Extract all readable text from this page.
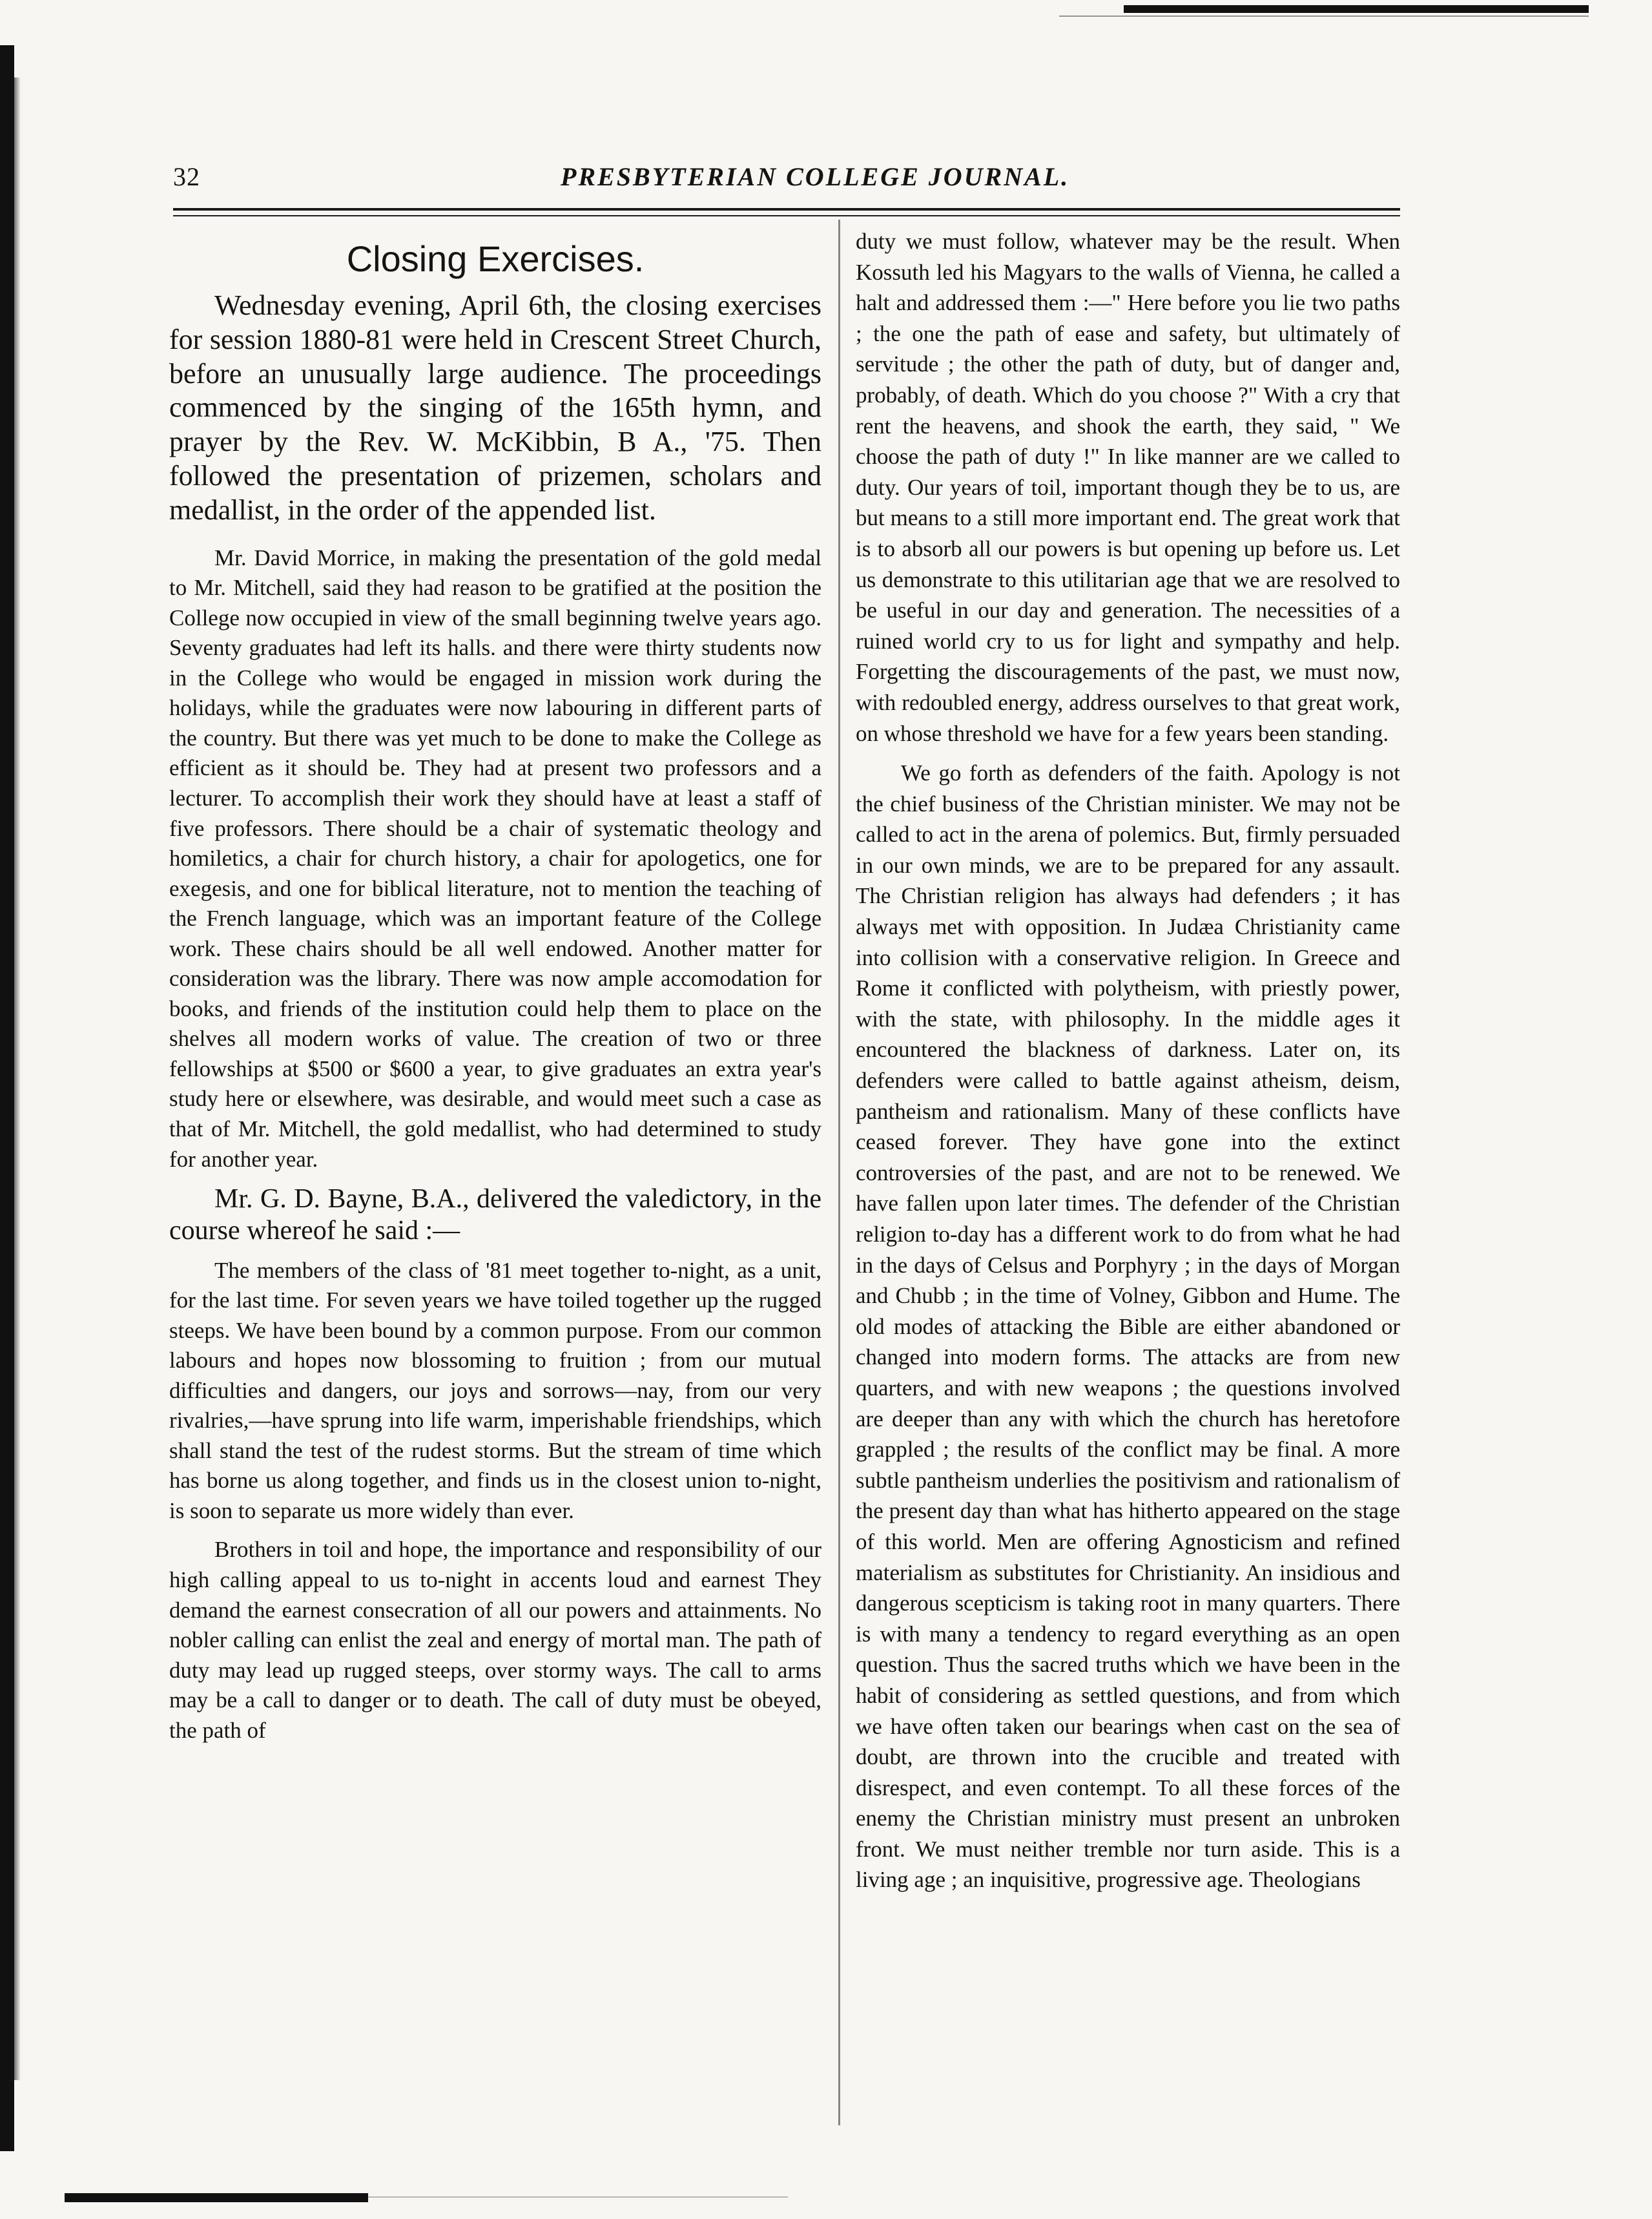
32	PRESBYTERIAN COLLEGE JOURNAL.
Closing Exercises.

Wednesday evening, April 6th, the closing exercises for session 1880-81 were held in Crescent Street Church, before an unusually large audience. The proceedings commenced by the singing of the 165th hymn, and prayer by the Rev. W. McKibbin, B A., '75. Then followed the presentation of prizemen, scholars and medallist, in the order of the appended list.

Mr. David Morrice, in making the presentation of the gold medal to Mr. Mitchell, said they had reason to be gratified at the position the College now occupied in view of the small beginning twelve years ago. Seventy graduates had left its halls. and there were thirty students now in the College who would be engaged in mission work during the holidays, while the graduates were now labouring in different parts of the country. But there was yet much to be done to make the College as efficient as it should be. They had at present two professors and a lecturer. To accomplish their work they should have at least a staff of five professors. There should be a chair of systematic theology and homiletics, a chair for church history, a chair for apologetics, one for exegesis, and one for biblical literature, not to mention the teaching of the French language, which was an important feature of the College work. These chairs should be all well endowed. Another matter for consideration was the library. There was now ample accomodation for books, and friends of the institution could help them to place on the shelves all modern works of value. The creation of two or three fellowships at $500 or $600 a year, to give graduates an extra year's study here or elsewhere, was desirable, and would meet such a case as that of Mr. Mitchell, the gold medallist, who had determined to study for another year.

Mr. G. D. Bayne, B.A., delivered the valedictory, in the course whereof he said :—

The members of the class of '81 meet together to-night, as a unit, for the last time. For seven years we have toiled together up the rugged steeps. We have been bound by a common purpose. From our common labours and hopes now blossoming to fruition ; from our mutual difficulties and dangers, our joys and sorrows—nay, from our very rivalries,—have sprung into life warm, imperishable friendships, which shall stand the test of the rudest storms. But the stream of time which has borne us along together, and finds us in the closest union to-night, is soon to separate us more widely than ever.

Brothers in toil and hope, the importance and responsibility of our high calling appeal to us to-night in accents loud and earnest They demand the earnest consecration of all our powers and attainments. No nobler calling can enlist the zeal and energy of mortal man. The path of duty may lead up rugged steeps, over stormy ways. The call to arms may be a call to danger or to death. The call of duty must be obeyed, the path of

duty we must follow, whatever may be the result. When Kossuth led his Magyars to the walls of Vienna, he called a halt and addressed them :—" Here before you lie two paths ; the one the path of ease and safety, but ultimately of servitude ; the other the path of duty, but of danger and, probably, of death. Which do you choose ?" With a cry that rent the heavens, and shook the earth, they said, " We choose the path of duty !" In like manner are we called to duty. Our years of toil, important though they be to us, are but means to a still more important end. The great work that is to absorb all our powers is but opening up before us. Let us demonstrate to this utilitarian age that we are resolved to be useful in our day and generation. The necessities of a ruined world cry to us for light and sympathy and help. Forgetting the discouragements of the past, we must now, with redoubled energy, address ourselves to that great work, on whose threshold we have for a few years been standing.

We go forth as defenders of the faith. Apology is not the chief business of the Christian minister. We may not be called to act in the arena of polemics. But, firmly persuaded in our own minds, we are to be prepared for any assault. The Christian religion has always had defenders ; it has always met with opposition. In Judæa Christianity came into collision with a conservative religion. In Greece and Rome it conflicted with polytheism, with priestly power, with the state, with philosophy. In the middle ages it encountered the blackness of darkness. Later on, its defenders were called to battle against atheism, deism, pantheism and rationalism. Many of these conflicts have ceased forever. They have gone into the extinct controversies of the past, and are not to be renewed. We have fallen upon later times. The defender of the Christian religion to-day has a different work to do from what he had in the days of Celsus and Porphyry ; in the days of Morgan and Chubb ; in the time of Volney, Gibbon and Hume. The old modes of attacking the Bible are either abandoned or changed into modern forms. The attacks are from new quarters, and with new weapons ; the questions involved are deeper than any with which the church has heretofore grappled ; the results of the conflict may be final. A more subtle pantheism underlies the positivism and rationalism of the present day than what has hitherto appeared on the stage of this world. Men are offering Agnosticism and refined materialism as substitutes for Christianity. An insidious and dangerous scepticism is taking root in many quarters. There is with many a tendency to regard everything as an open question. Thus the sacred truths which we have been in the habit of considering as settled questions, and from which we have often taken our bearings when cast on the sea of doubt, are thrown into the crucible and treated with disrespect, and even contempt. To all these forces of the enemy the Christian ministry must present an unbroken front. We must neither tremble nor turn aside. This is a living age ; an inquisitive, progressive age. Theologians
